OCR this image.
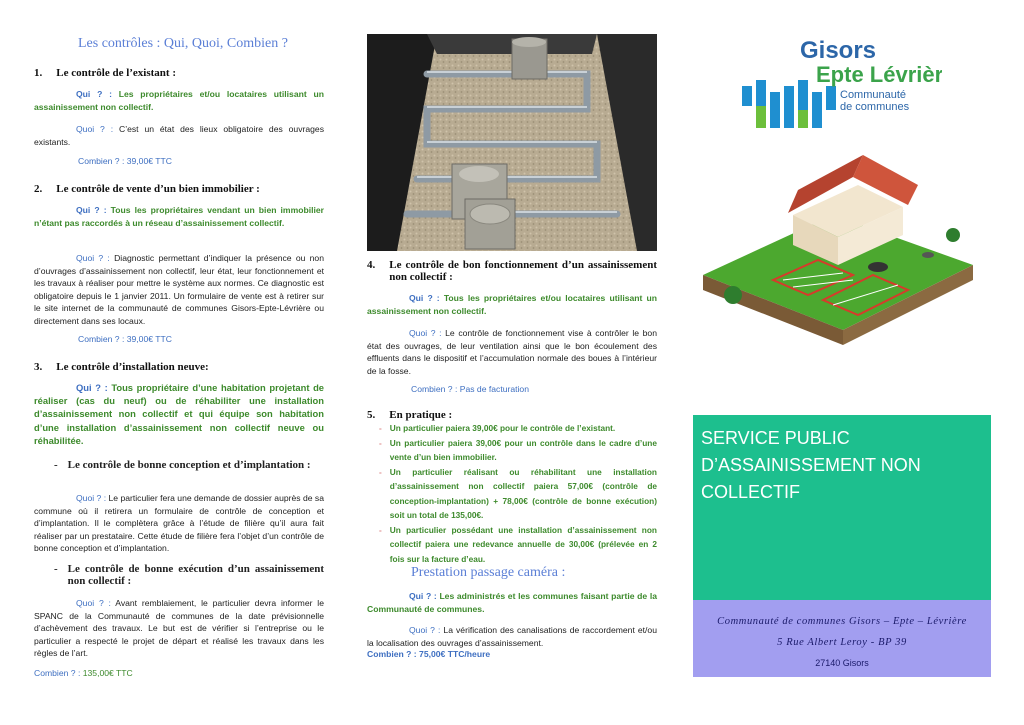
Les contrôles : Qui, Quoi, Combien ?
1. Le contrôle de l’existant :

Qui ? : Les propriétaires et/ou locataires utilisant un assainissement non collectif.

Quoi ? : C’est un état des lieux obligatoire des ouvrages existants.

Combien ? : 39,00€ TTC

2. Le contrôle de vente d’un bien immobilier :

Qui ? : Tous les propriétaires vendant un bien immobilier n’étant pas raccordés à un réseau d’assainissement collectif.

Quoi ? : Diagnostic permettant d’indiquer la présence ou non d’ouvrages d’assainissement non collectif, leur état, leur fonctionnement et les travaux à réaliser pour mettre le système aux normes. Ce diagnostic est obligatoire depuis le 1 janvier 2011. Un formulaire de vente est à retirer sur le site internet de la communauté de communes Gisors-Epte-Lévrière ou directement dans ses locaux.

Combien ? : 39,00€ TTC

3. Le contrôle d’installation neuve:

Qui ? : Tous propriétaire d’une habitation projetant de réaliser (cas du neuf) ou de réhabiliter une installation d’assainissement non collectif et qui équipe son habitation d’une installation d’assainissement non collectif neuve ou réhabilitée.

- Le contrôle de bonne conception et d’implantation :

Quoi ? : Le particulier fera une demande de dossier auprès de sa commune où il retirera un formulaire de contrôle de conception et d’implantation. Il le complètera grâce à l’étude de filière qu’il aura fait réaliser par un prestataire. Cette étude de filière fera l’objet d’un contrôle de bonne conception et d’implantation.

- Le contrôle de bonne exécution d’un assainissement non collectif :

Quoi ? : Avant remblaiement, le particulier devra informer le SPANC de la Communauté de communes de la date prévisionnelle d’achèvement des travaux. Le but est de vérifier si l’entreprise ou le particulier a respecté le projet de départ et réalisé les travaux dans les règles de l’art.

Combien ? : 135,00€ TTC

4. Le contrôle de bon fonctionnement d’un assainissement non collectif :

Qui ? : Tous les propriétaires et/ou locataires utilisant un assainissement non collectif.

Quoi ? : Le contrôle de fonctionnement vise à contrôler le bon état des ouvrages, de leur ventilation ainsi que le bon écoulement des effluents dans le dispositif et l’accumulation normale des boues à l’intérieur de la fosse.

Combien ? : Pas de facturation

5. En pratique :
- Un particulier paiera 39,00€ pour le contrôle de l’existant.
- Un particulier paiera 39,00€ pour un contrôle dans le cadre d’une vente d’un bien immobilier.
- Un particulier réalisant ou réhabilitant une installation d’assainissement non collectif paiera 57,00€ (contrôle de conception-implantation) + 78,00€ (contrôle de bonne exécution) soit un total de 135,00€.
- Un particulier possédant une installation d’assainissement non collectif paiera une redevance annuelle de 30,00€ (prélevée en 2 fois sur la facture d’eau.
Prestation passage caméra :

Qui ? : Les administrés et les communes faisant partie de la Communauté de communes.

Quoi ? : La vérification des canalisations de raccordement et/ou la localisation des ouvrages d’assainissement.

Combien ? : 75,00€ TTC/heure

Gisors
Epte Lévrière
Communauté
de communes
SERVICE PUBLIC
D’ASSAINISSEMENT NON
COLLECTIF
Communauté de communes Gisors – Epte – Lévrière
5 Rue Albert Leroy - BP 39
27140 Gisors
